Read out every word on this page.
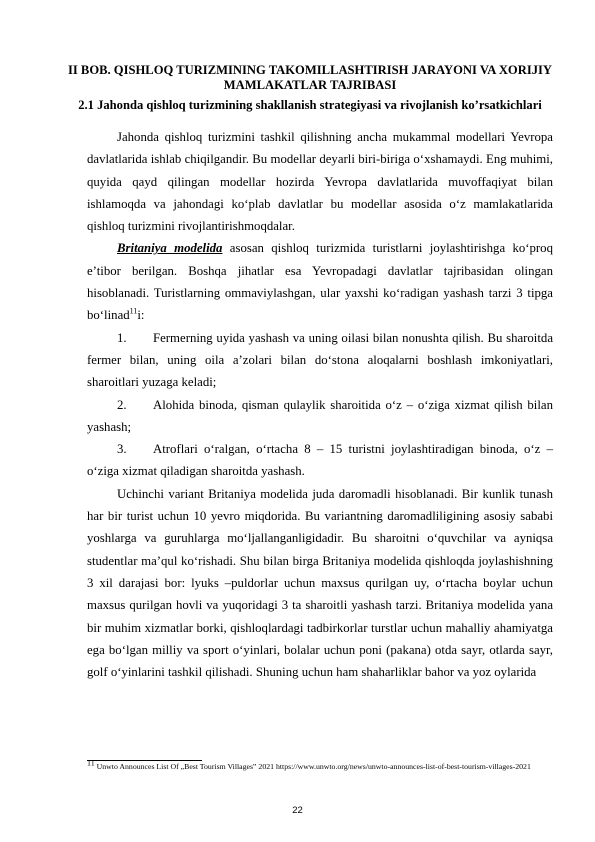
II BOB. QISHLOQ TURIZMINING TAKOMILLASHTIRISH JARAYONI VA XORIJIY MAMLAKATLAR TAJRIBASI
2.1 Jahonda qishloq turizmining shakllanish strategiyasi va rivojlanish ko’rsatkichlari

Jahonda qishloq turizmini tashkil qilishning ancha mukammal modellari Yevropa davlatlarida ishlab chiqilgandir. Bu modellar deyarli biri-biriga o‘xshamaydi. Eng muhimi, quyida qayd qilingan modellar hozirda Yevropa davlatlarida muvoffaqiyat bilan ishlamoqda va jahondagi ko‘plab davlatlar bu modellar asosida o‘z mamlakatlarida qishloq turizmini rivojlantirishmoqdalar.

Britaniya modelida asosan qishloq turizmida turistlarni joylashtirishga ko‘proq e’tibor berilgan. Boshqa jihatlar esa Yevropadagi davlatlar tajribasidan olingan hisoblanadi. Turistlarning ommaviylashgan, ular yaxshi ko‘radigan yashash tarzi 3 tipga bo‘linad$^{11}$i:

1. Fermerning uyida yashash va uning oilasi bilan nonushta qilish. Bu sharoitda fermer bilan, uning oila a’zolari bilan do‘stona aloqalarni boshlash imkoniyatlari, sharoitlari yuzaga keladi;

2. Alohida binoda, qisman qulaylik sharoitida o‘z – o‘ziga xizmat qilish bilan yashash;

3. Atroflari o‘ralgan, o‘rtacha 8 – 15 turistni joylashtiradigan binoda, o‘z – o‘ziga xizmat qiladigan sharoitda yashash.

Uchinchi variant Britaniya modelida juda daromadli hisoblanadi. Bir kunlik tunash har bir turist uchun 10 yevro miqdorida. Bu variantning daromadliligining asosiy sababi yoshlarga va guruhlarga mo‘ljallanganligidadir. Bu sharoitni o‘quvchilar va ayniqsa studentlar ma’qul ko‘rishadi. Shu bilan birga Britaniya modelida qishloqda joylashishning 3 xil darajasi bor: lyuks –puldorlar uchun maxsus qurilgan uy, o‘rtacha boylar uchun maxsus qurilgan hovli va yuqoridagi 3 ta sharoitli yashash tarzi. Britaniya modelida yana bir muhim xizmatlar borki, qishloqlardagi tadbirkorlar turstlar uchun mahalliy ahamiyatga ega bo‘lgan milliy va sport o‘yinlari, bolalar uchun poni (pakana) otda sayr, otlarda sayr, golf o‘yinlarini tashkil qilishadi. Shuning uchun ham shaharliklar bahor va yoz oylarida

$^{11}$ Unwto Announces List Of „Best Tourism Villages‟ 2021 https://www.unwto.org/news/unwto-announces-list-of-best-tourism-villages-2021
22
